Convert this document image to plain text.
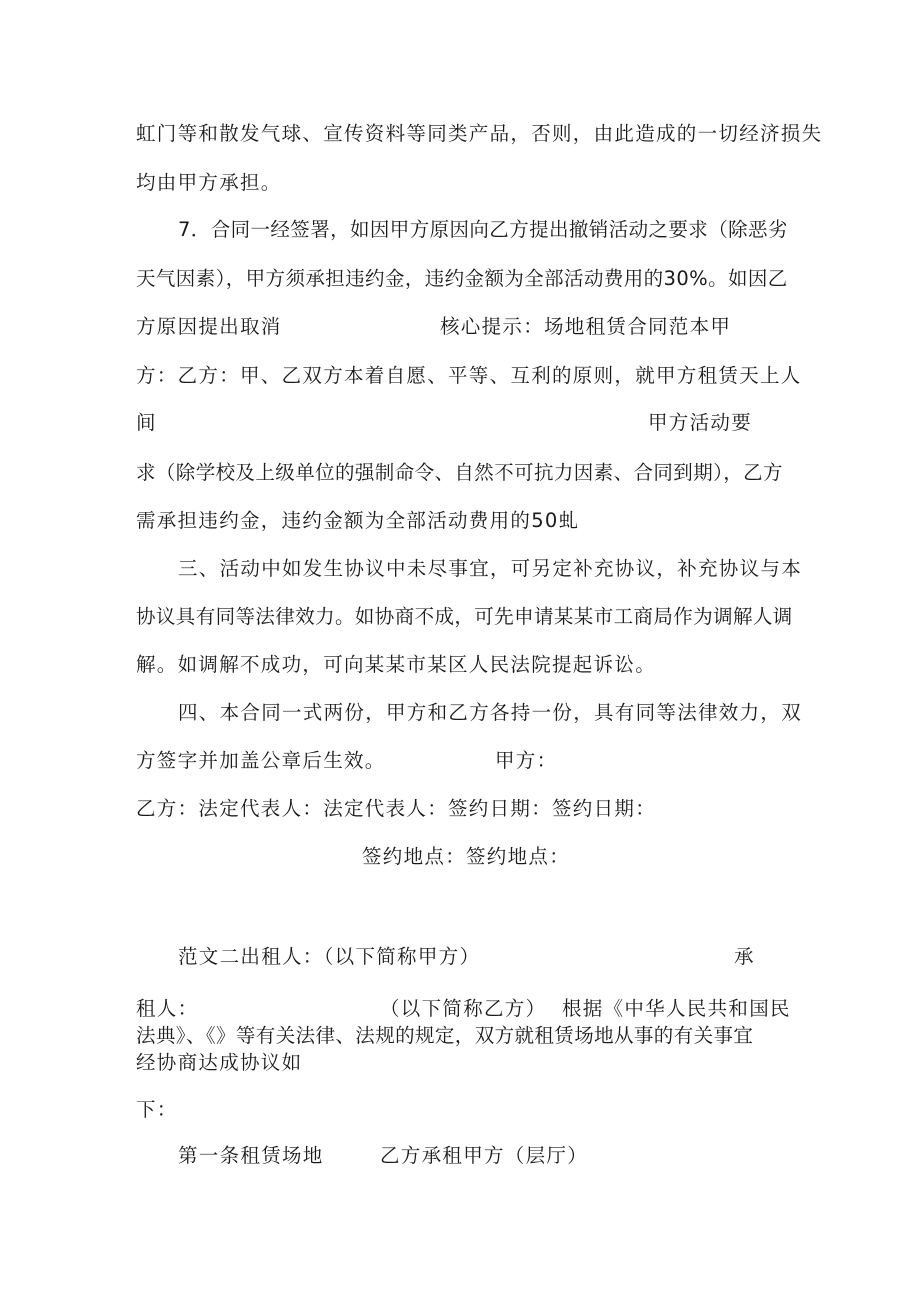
虹门等和散发气球、宣传资料等同类产品，否则，由此造成的一切经济损失
均由甲方承担。
7．合同一经签署，如因甲方原因向乙方提出撤销活动之要求（除恶劣
天气因素），甲方须承担违约金，违约金额为全部活动费用的30%。如因乙
方原因提出取消	核心提示：场地租赁合同范本甲
方：乙方：甲、乙双方本着自愿、平等、互利的原则，就甲方租赁天上人
间	甲方活动要
求（除学校及上级单位的强制命令、自然不可抗力因素、合同到期），乙方
需承担违约金，违约金额为全部活动费用的50虬
三、活动中如发生协议中未尽事宜，可另定补充协议，补充协议与本
协议具有同等法律效力。如协商不成，可先申请某某市工商局作为调解人调
解。如调解不成功，可向某某市某区人民法院提起诉讼。
四、本合同一式两份，甲方和乙方各持一份，具有同等法律效力，双
方签字并加盖公章后生效。	甲方：
乙方：法定代表人：法定代表人：签约日期：签约日期：
签约地点：签约地点：
范文二出租人：（以下简称甲方）	承
租人：	（以下简称乙方） 根据《中华人民共和国民
法典》、《》等有关法律、法规的规定，双方就租赁场地从事的有关事宜
经协商达成协议如
下：
第一条租赁场地	乙方承租甲方（层厅）
